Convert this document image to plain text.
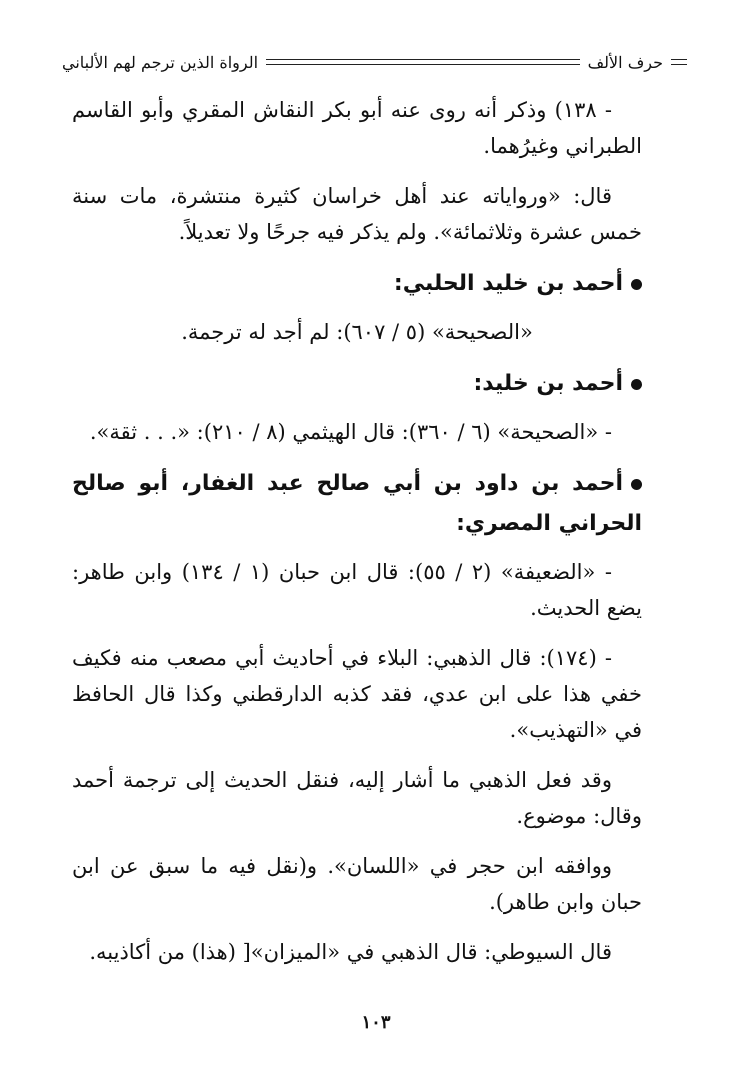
حرف الألف
الرواة الذين ترجم لهم الألباني

- ١٣٨) وذكر أنه روى عنه أبو بكر النقاش المقري وأبو القاسم الطبراني وغيرُهما.

قال: «ورواياته عند أهل خراسان كثيرة منتشرة، مات سنة خمس عشرة وثلاثمائة». ولم يذكر فيه جرحًا ولا تعديلاً.

أحمد بن خليد الحلبي:

«الصحيحة» (٥ / ٦٠٧): لم أجد له ترجمة.

أحمد بن خليد:

- «الصحيحة» (٦ / ٣٦٠): قال الهيثمي (٨ / ٢١٠): «. . . ثقة».

أحمد بن داود بن أبي صالح عبد الغفار، أبو صالح الحراني المصري:

- «الضعيفة» (٢ / ٥٥): قال ابن حبان (١ / ١٣٤) وابن طاهر: يضع الحديث.

- (١٧٤): قال الذهبي: البلاء في أحاديث أبي مصعب منه فكيف خفي هذا على ابن عدي، فقد كذبه الدارقطني وكذا قال الحافظ في «التهذيب».

وقد فعل الذهبي ما أشار إليه، فنقل الحديث إلى ترجمة أحمد وقال: موضوع.

ووافقه ابن حجر في «اللسان». و(نقل فيه ما سبق عن ابن حبان وابن طاهر).

قال السيوطي: قال الذهبي في «الميزان»[ (هذا) من أكاذيبه.

١٠٣
